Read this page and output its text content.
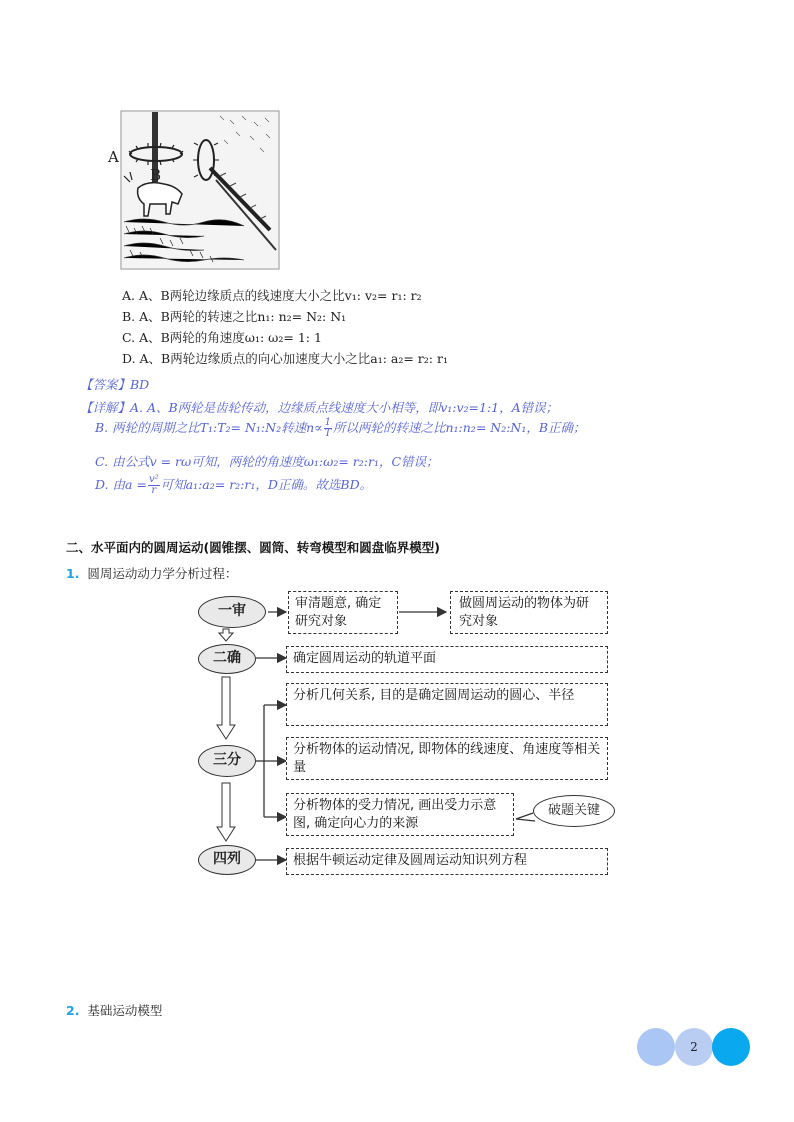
A
B
A. A、B两轮边缘质点的线速度大小之比v₁: v₂= r₁: r₂
B. A、B两轮的转速之比n₁: n₂= N₂: N₁
C. A、B两轮的角速度ω₁: ω₂= 1: 1
D. A、B两轮边缘质点的向心加速度大小之比a₁: a₂= r₂: r₁
【答案】BD
【详解】A. A、B两轮是齿轮传动，边缘质点线速度大小相等，即v₁:v₂=1:1，A错误；
B. 两轮的周期之比T₁:T₂= N₁:N₂转速$n\propto \frac{1}{T}$ 所以两轮的转速之比n₁:n₂= N₂:N₁，B正确；
C. 由公式v = rω可知，两轮的角速度ω₁:ω₂= r₂:r₁，C错误；
D. 由$a = \frac{\text{v²}}{r}$ 可知a₁:a₂= r₂:r₁，D正确。故选BD。
二、水平面内的圆周运动(圆锥摆、圆筒、转弯模型和圆盘临界模型)
1. 圆周运动动力学分析过程：
一审
二确
三分
四列
审清题意, 确定研究对象
做圆周运动的物体为研究对象
确定圆周运动的轨道平面
分析几何关系, 目的是确定圆周运动的圆心、半径
分析物体的运动情况, 即物体的线速度、角速度等相关量
分析物体的受力情况, 画出受力示意图, 确定向心力的来源
根据牛顿运动定律及圆周运动知识列方程
破题关键
2. 基础运动模型
2
